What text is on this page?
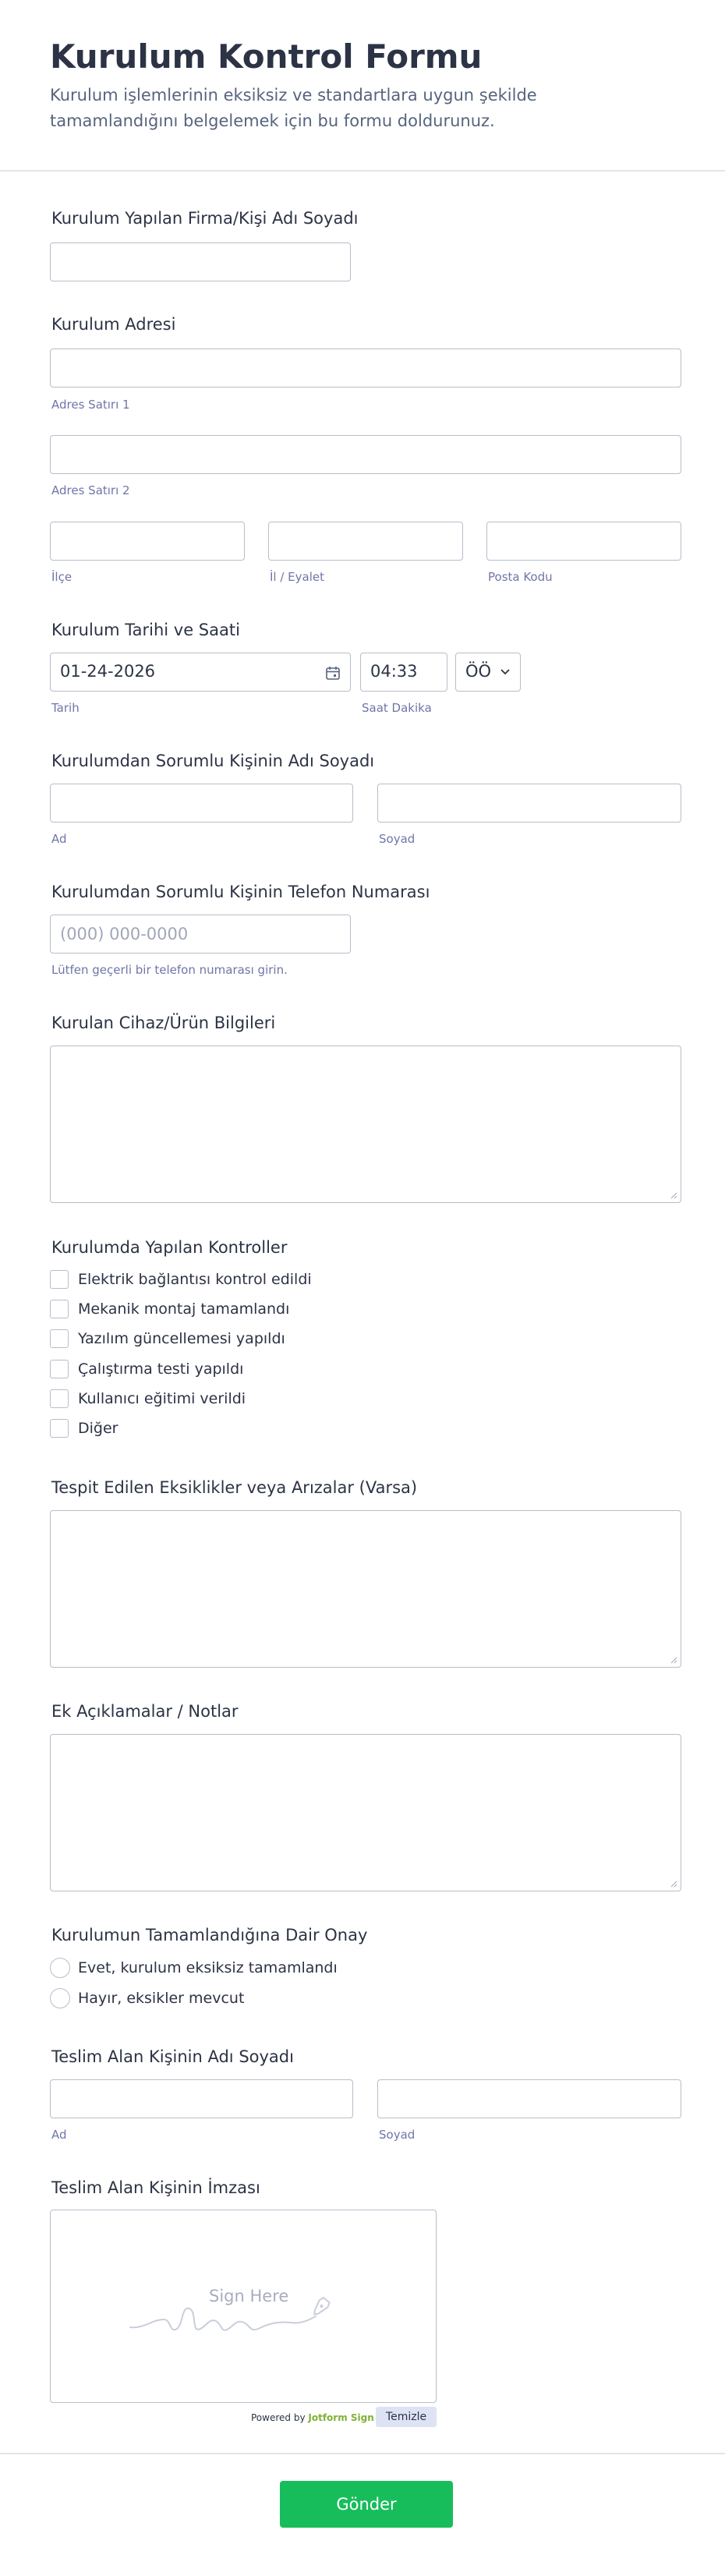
Kurulum Kontrol Formu

Kurulum işlemlerinin eksiksiz ve standartlara uygun şekilde tamamlandığını belgelemek için bu formu doldurunuz.

Kurulum Yapılan Firma/Kişi Adı Soyadı
Kurulum Adresi
Adres Satırı 1
Adres Satırı 2
İlçe	İl / Eyalet	Posta Kodu
Kurulum Tarihi ve Saati
01-24-2026	04:33	ÖÖ
Tarih	Saat Dakika
Kurulumdan Sorumlu Kişinin Adı Soyadı
Ad	Soyad
Kurulumdan Sorumlu Kişinin Telefon Numarası
(000) 000-0000
Lütfen geçerli bir telefon numarası girin.
Kurulan Cihaz/Ürün Bilgileri
Kurulumda Yapılan Kontroller
Elektrik bağlantısı kontrol edildi
Mekanik montaj tamamlandı
Yazılım güncellemesi yapıldı
Çalıştırma testi yapıldı
Kullanıcı eğitimi verildi
Diğer
Tespit Edilen Eksiklikler veya Arızalar (Varsa)
Ek Açıklamalar / Notlar
Kurulumun Tamamlandığına Dair Onay
Evet, kurulum eksiksiz tamamlandı
Hayır, eksikler mevcut
Teslim Alan Kişinin Adı Soyadı
Ad	Soyad
Teslim Alan Kişinin İmzası
Sign Here
Powered by Jotform Sign	Temizle
Gönder
